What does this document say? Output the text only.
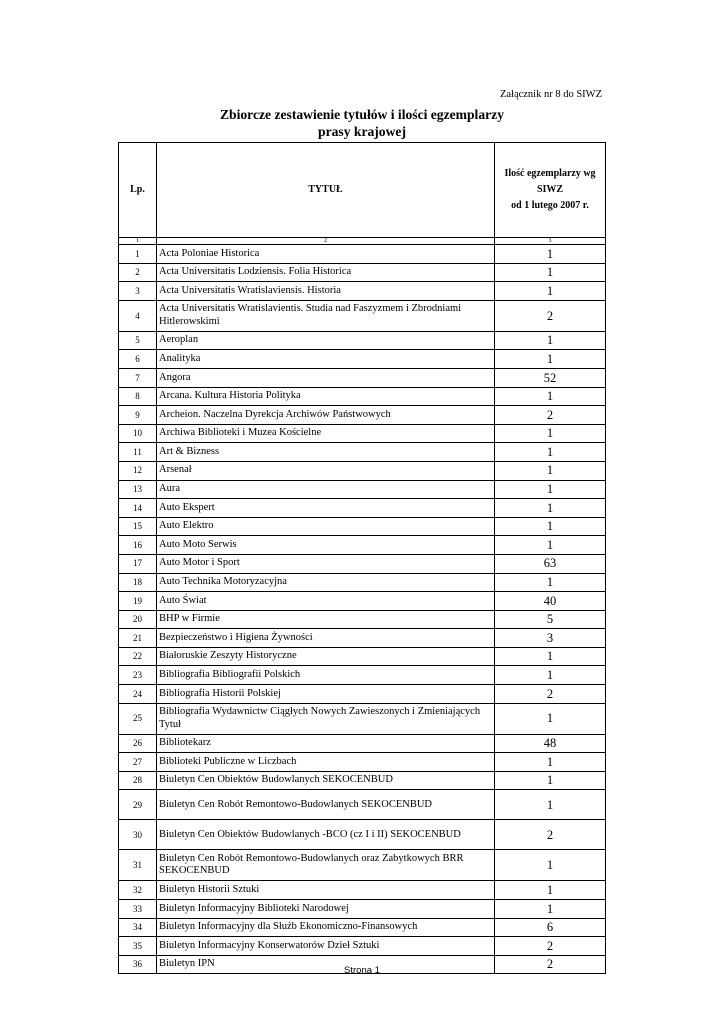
Załącznik nr 8 do SIWZ
Zbiorcze zestawienie tytułów i ilości egzemplarzy
prasy krajowej
Lp.	TYTUŁ	Ilość egzemplarzy wg
SIWZ
od 1 lutego 2007 r.

1	2	3
1	Acta Poloniae Historica	1
2	Acta Universitatis Lodziensis. Folia Historica	1
3	Acta Universitatis Wratislaviensis. Historia	1
4	Acta Universitatis Wratislavientis. Studia nad Faszyzmem i Zbrodniami Hitlerowskimi	2
5	Aeroplan	1
6	Analityka	1
7	Angora	52
8	Arcana. Kultura Historia Polityka	1
9	Archeion. Naczelna Dyrekcja Archiwów Państwowych	2
10	Archiwa Biblioteki i Muzea Kościelne	1
11	Art & Bizness	1
12	Arsenał	1
13	Aura	1
14	Auto Ekspert	1
15	Auto Elektro	1
16	Auto Moto Serwis	1
17	Auto Motor i Sport	63
18	Auto Technika Motoryzacyjna	1
19	Auto Świat	40
20	BHP w Firmie	5
21	Bezpieczeństwo i Higiena Żywności	3
22	Białoruskie Zeszyty Historyczne	1
23	Bibliografia Bibliografii Polskich	1
24	Bibliografia Historii Polskiej	2
25	Bibliografia Wydawnictw Ciągłych Nowych Zawieszonych i Zmieniających Tytuł	1
26	Bibliotekarz	48
27	Biblioteki Publiczne w Liczbach	1
28	Biuletyn Cen Obiektów Budowlanych SEKOCENBUD	1
29	Biuletyn Cen Robót Remontowo-Budowlanych SEKOCENBUD	1
30	Biuletyn Cen Obiektów Budowlanych -BCO (cz I i II) SEKOCENBUD	2
31	Biuletyn Cen Robót Remontowo-Budowlanych oraz Zabytkowych BRR SEKOCENBUD	1
32	Biuletyn Historii Sztuki	1
33	Biuletyn Informacyjny Biblioteki Narodowej	1
34	Biuletyn Informacyjny dla Służb Ekonomiczno-Finansowych	6
35	Biuletyn Informacyjny Konserwatorów Dzieł Sztuki	2
36	Biuletyn IPN	2
Strona 1
